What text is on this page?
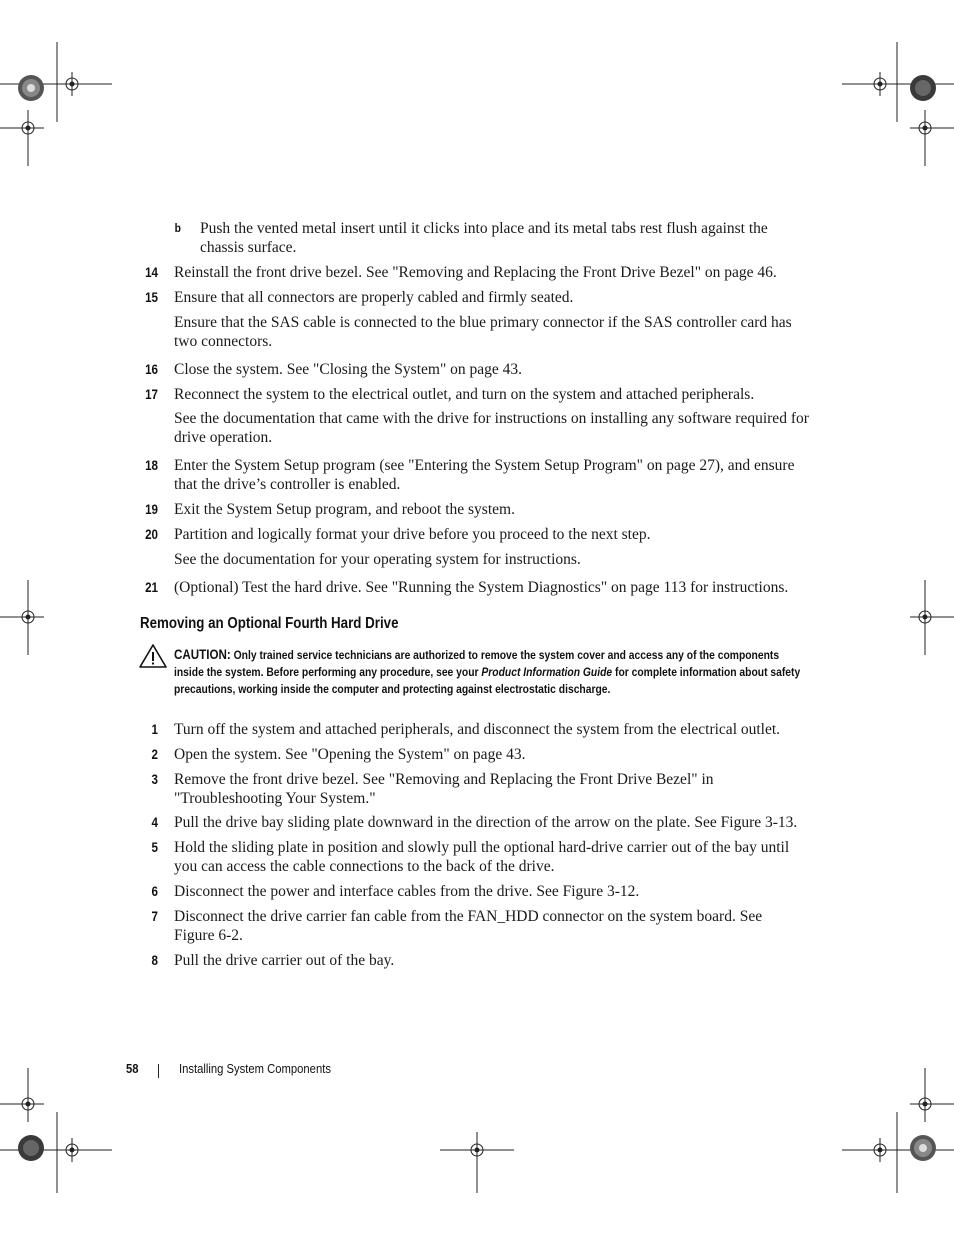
b Push the vented metal insert until it clicks into place and its metal tabs rest flush against the
chassis surface.
14 Reinstall the front drive bezel. See "Removing and Replacing the Front Drive Bezel" on page 46.
15 Ensure that all connectors are properly cabled and firmly seated.
Ensure that the SAS cable is connected to the blue primary connector if the SAS controller card has
two connectors.
16 Close the system. See "Closing the System" on page 43.
17 Reconnect the system to the electrical outlet, and turn on the system and attached peripherals.
See the documentation that came with the drive for instructions on installing any software required for
drive operation.
18 Enter the System Setup program (see "Entering the System Setup Program" on page 27), and ensure
that the drive’s controller is enabled.
19 Exit the System Setup program, and reboot the system.
20 Partition and logically format your drive before you proceed to the next step.
See the documentation for your operating system for instructions.
21 (Optional) Test the hard drive. See "Running the System Diagnostics" on page 113 for instructions.
Removing an Optional Fourth Hard Drive
CAUTION: Only trained service technicians are authorized to remove the system cover and access any of the components inside the system. Before performing any procedure, see your Product Information Guide for complete information about safety precautions, working inside the computer and protecting against electrostatic discharge.
1 Turn off the system and attached peripherals, and disconnect the system from the electrical outlet.
2 Open the system. See "Opening the System" on page 43.
3 Remove the front drive bezel. See "Removing and Replacing the Front Drive Bezel" in
"Troubleshooting Your System."
4 Pull the drive bay sliding plate downward in the direction of the arrow on the plate. See Figure 3-13.
5 Hold the sliding plate in position and slowly pull the optional hard-drive carrier out of the bay until
you can access the cable connections to the back of the drive.
6 Disconnect the power and interface cables from the drive. See Figure 3-12.
7 Disconnect the drive carrier fan cable from the FAN_HDD connector on the system board. See
Figure 6-2.
8 Pull the drive carrier out of the bay.
58	Installing System Components
